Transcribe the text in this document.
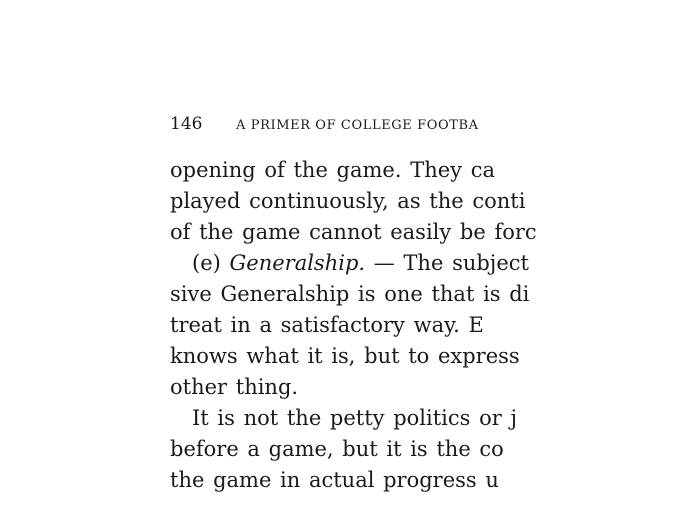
146	A PRIMER OF COLLEGE FOOTBA
opening of the game. They ca
played continuously, as the conti
of the game cannot easily be forc
(e) Generalship. — The subject
sive Generalship is one that is di
treat in a satisfactory way. E
knows what it is, but to express
other thing.
It is not the petty politics or j
before a game, but it is the co
the game in actual progress u
